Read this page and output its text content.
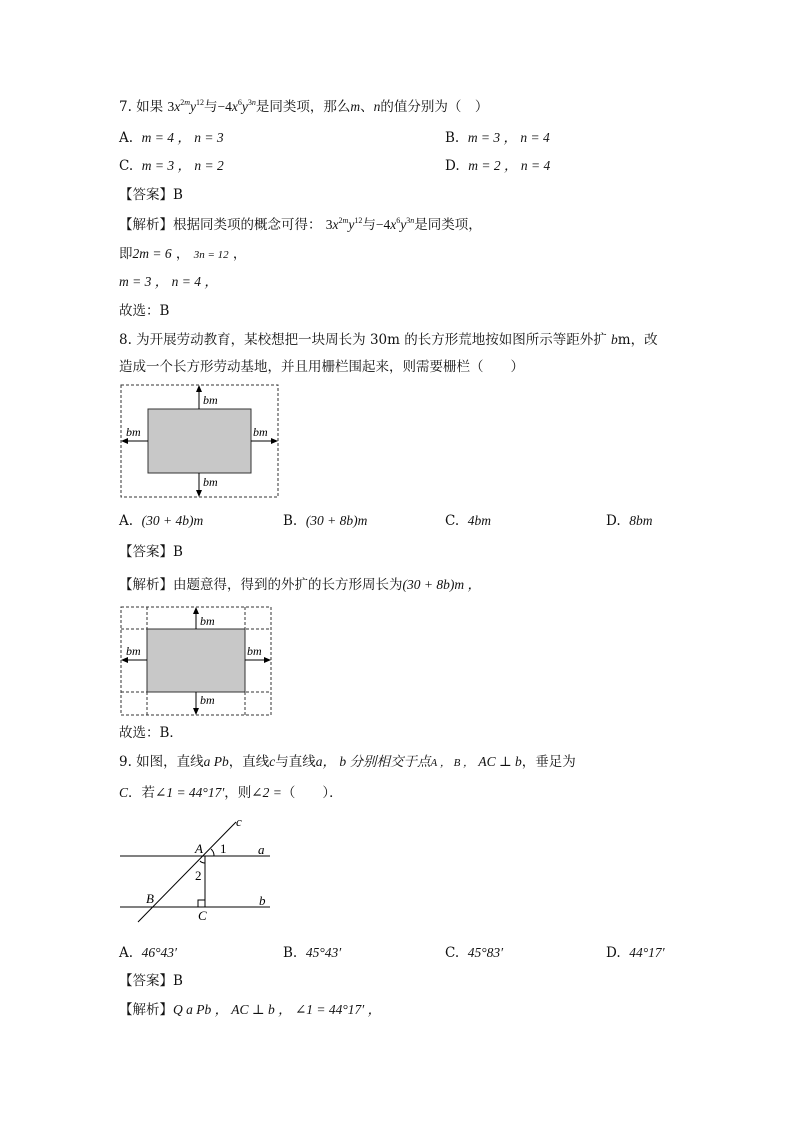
7. 如果 $3x^{2m}y^{12}$与$-4x^6y^{3n}$是同类项，那么m、n的值分别为（　）
A. m = 4 ， n = 3	B. m = 3 ， n = 4
C. m = 3 ， n = 2	D. m = 2 ， n = 4
【答案】B
【解析】根据同类项的概念可得： $3x^{2m}y^{12}$与$-4x^6y^{3n}$是同类项，
即2m = 6 ， 3n = 12 ，
m = 3 ， n = 4 ，
故选：B
8. 为开展劳动教育，某校想把一块周长为 30m 的长方形荒地按如图所示等距外扩 bm，改
造成一个长方形劳动基地，并且用栅栏围起来，则需要栅栏（　　）
bm
bm
bm	bm
A. (30 + 4b)m	B. (30 + 8b)m	C. 4bm	D. 8bm
【答案】B
【解析】由题意得，得到的外扩的长方形周长为(30 + 8b)m ，
bm
bm
bm	bm
故选：B．
9. 如图，直线a Pb，直线c与直线a， b 分别相交于点A ， B ， AC ⊥ b，垂足为
C．若∠1 = 44°17′，则∠2 =（　　）．
c
A 1 a
2
B	b
C
A. 46°43′	B. 45°43′	C. 45°83′	D. 44°17′
【答案】B
【解析】Q a Pb ， AC ⊥ b ， ∠1 = 44°17′ ，
